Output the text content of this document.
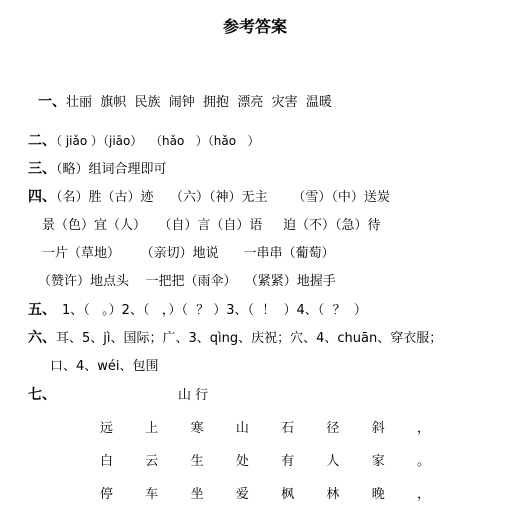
参考答案
一、壮丽  旗帜  民族  闹钟  拥抱  漂亮  灾害  温暖
二、（ jiǎo ）（jiāo）  （hǎo   ）（hǎo   ）
三、（略）组词合理即可
四、（名）胜（古）迹    （六）（神）无主      （雪）（中）送炭
景（色）宜（人）   （自）言（自）语     迫（不）（急）待
一片（草地）     （亲切）地说      一串串（葡萄）
（赞许）地点头    一把把（雨伞）  （紧紧）地握手
五、 1、（   。）2、（   ，）（  ？ ）3、（  ！  ）4、（  ？  ）
六、耳、5、jì、国际；广、3、qìng、庆祝；穴、4、chuān、穿衣服；
口、4、wéi、包围
七、	山 行
远 上 寒 山 石 径 斜 ，
白 云 生 处 有 人 家 。
停 车 坐 爱 枫 林 晚 ，
